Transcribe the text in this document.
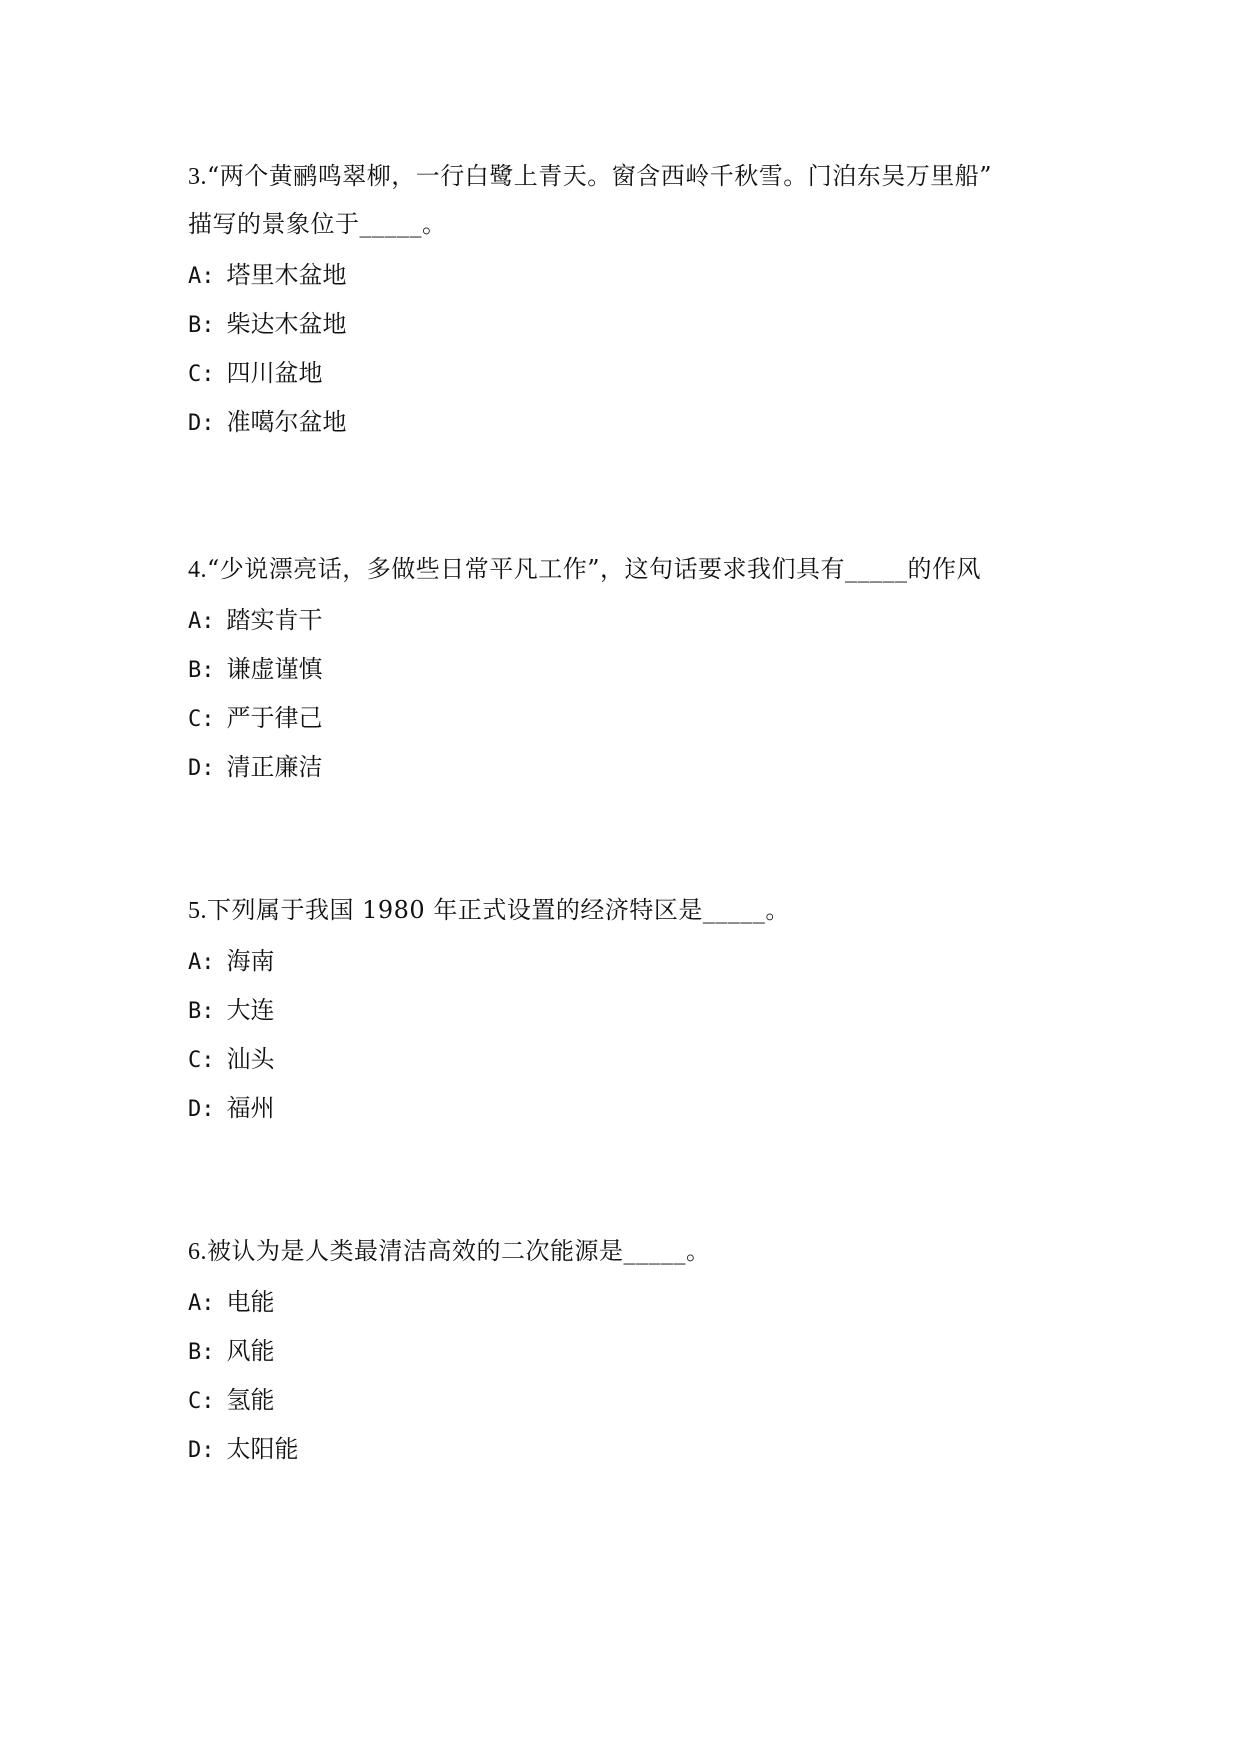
3.“两个黄鹂鸣翠柳，一行白鹭上青天。窗含西岭千秋雪。门泊东吴万里船”
描写的景象位于_____。
A: 塔里木盆地
B: 柴达木盆地
C: 四川盆地
D: 准噶尔盆地
4.“少说漂亮话，多做些日常平凡工作”，这句话要求我们具有_____的作风
A: 踏实肯干
B: 谦虚谨慎
C: 严于律己
D: 清正廉洁
5.下列属于我国 1980 年正式设置的经济特区是_____。
A: 海南
B: 大连
C: 汕头
D: 福州
6.被认为是人类最清洁高效的二次能源是_____。
A: 电能
B: 风能
C: 氢能
D: 太阳能
